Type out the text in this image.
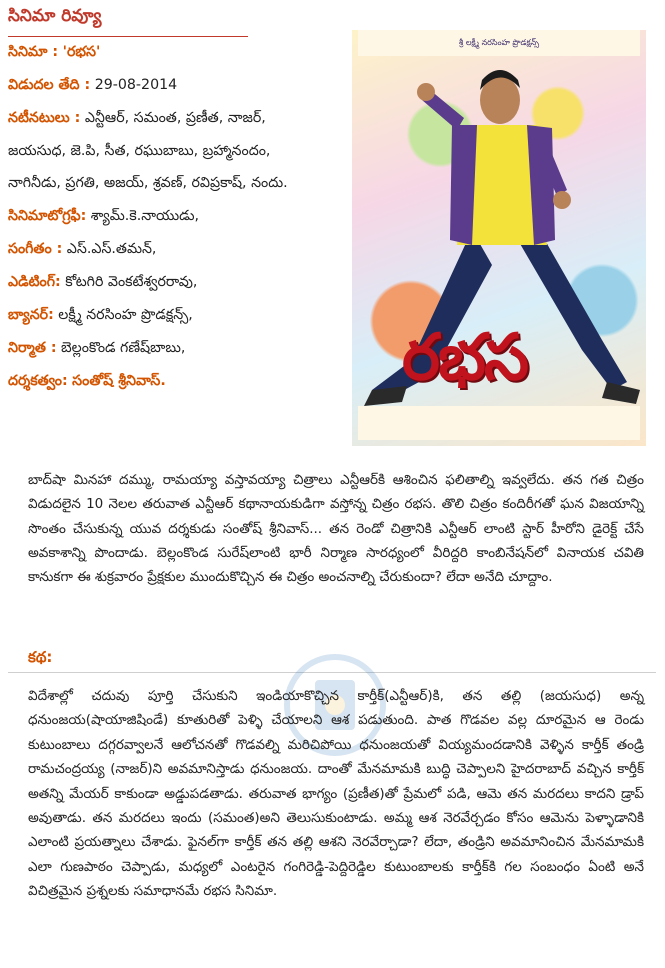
సినిమా రివ్యూ
సినిమా : 'రభస'
విడుదల తేది : 29-08-2014
నటీనటులు : ఎన్టీఆర్, సమంత, ప్రణీత, నాజర్,
జయసుధ, జె.పి, సీత, రఘుబాబు, బ్రహ్మానందం,
నాగినీడు, ప్రగతి, అజయ్, శ్రవణ్, రవిప్రకాష్, నందు.
సినిమాటోగ్రఫీ: శ్యామ్.కె.నాయుడు,
సంగీతం : ఎస్.ఎస్.తమన్,
ఎడిటింగ్: కోటగిరి వెంకటేశ్వరరావు,
బ్యానర్: లక్ష్మీ నరసింహ ప్రొడక్షన్స్,
నిర్మాత : బెల్లంకొండ గణేష్‌బాబు,
దర్శకత్వం: సంతోష్ శ్రీనివాస్.
శ్రీ లక్ష్మీ నరసింహ ప్రొడక్షన్స్
రభస
బాద్‌షా మినహా దమ్ము, రామయ్యా వస్తావయ్యా చిత్రాలు ఎన్టీఆర్‌కి ఆశించిన ఫలితాల్ని ఇవ్వలేదు. తన గత చిత్రం విడుదలైన 10 నెలల తరువాత ఎన్టీఆర్ కథానాయకుడిగా వస్తోన్న చిత్రం రభస. తొలి చిత్రం కందిరీగతో ఘన విజయాన్ని సొంతం చేసుకున్న యువ దర్శకుడు సంతోష్ శ్రీనివాస్... తన రెండో చిత్రానికి ఎన్టీఆర్ లాంటి స్టార్ హీరోని డైరెక్ట్ చేసే అవకాశాన్ని పొందాడు. బెల్లంకొండ సురేష్‌లాంటి భారీ నిర్మాణ సారధ్యంలో వీరిద్దరి కాంబినేషన్‌లో వినాయక చవితి కానుకగా ఈ శుక్రవారం ప్రేక్షకుల ముందుకొచ్చిన ఈ చిత్రం అంచనాల్ని చేరుకుందా? లేదా అనేది చూద్దాం.
కథ:
విదేశాల్లో చదువు పూర్తి చేసుకుని ఇండియాకొచ్చిన కార్తీక్(ఎన్టీఆర్)కి, తన తల్లి (జయసుధ) అన్న ధనుంజయ(షాయాజిషిండే) కూతురితో పెళ్ళి చేయాలని ఆశ పడుతుంది. పాత గొడవల వల్ల దూరమైన ఆ రెండు కుటుంబాలు దగ్గరవ్వాలనే ఆలోచనతో గొడవల్ని మరిచిపోయి ధనుంజయతో వియ్యమందడానికి వెళ్ళిన కార్తీక్ తండ్రి రామచంద్రయ్య (నాజర్)ని అవమానిస్తాడు ధనుంజయ. దాంతో మేనమామకి బుద్ధి చెప్పాలని హైదరాబాద్ వచ్చిన కార్తీక్ అతన్ని మేయర్ కాకుండా అడ్డుపడతాడు. తరువాత భాగ్యం (ప్రణీత)తో ప్రేమలో పడి, ఆమె తన మరదలు కాదని డ్రాప్ అవుతాడు. తన మరదలు ఇందు (సమంత)అని తెలుసుకుంటాడు. అమ్మ ఆశ నెరవేర్చడం కోసం ఆమెను పెళ్ళాడానికి ఎలాంటి ప్రయత్నాలు చేశాడు. ఫైనల్‌గా కార్తీక్ తన తల్లి ఆశని నెరవేర్చాడా? లేదా, తండ్రిని అవమానించిన మేనమామకి ఎలా గుణపాఠం చెప్పాడు, మధ్యలో ఎంటరైన గంగిరెడ్డి-పెద్దిరెడ్డిల కుటుంబాలకు కార్తీక్‌కి గల సంబంధం ఏంటి అనే విచిత్రమైన ప్రశ్నలకు సమాధానమే రభస సినిమా.
